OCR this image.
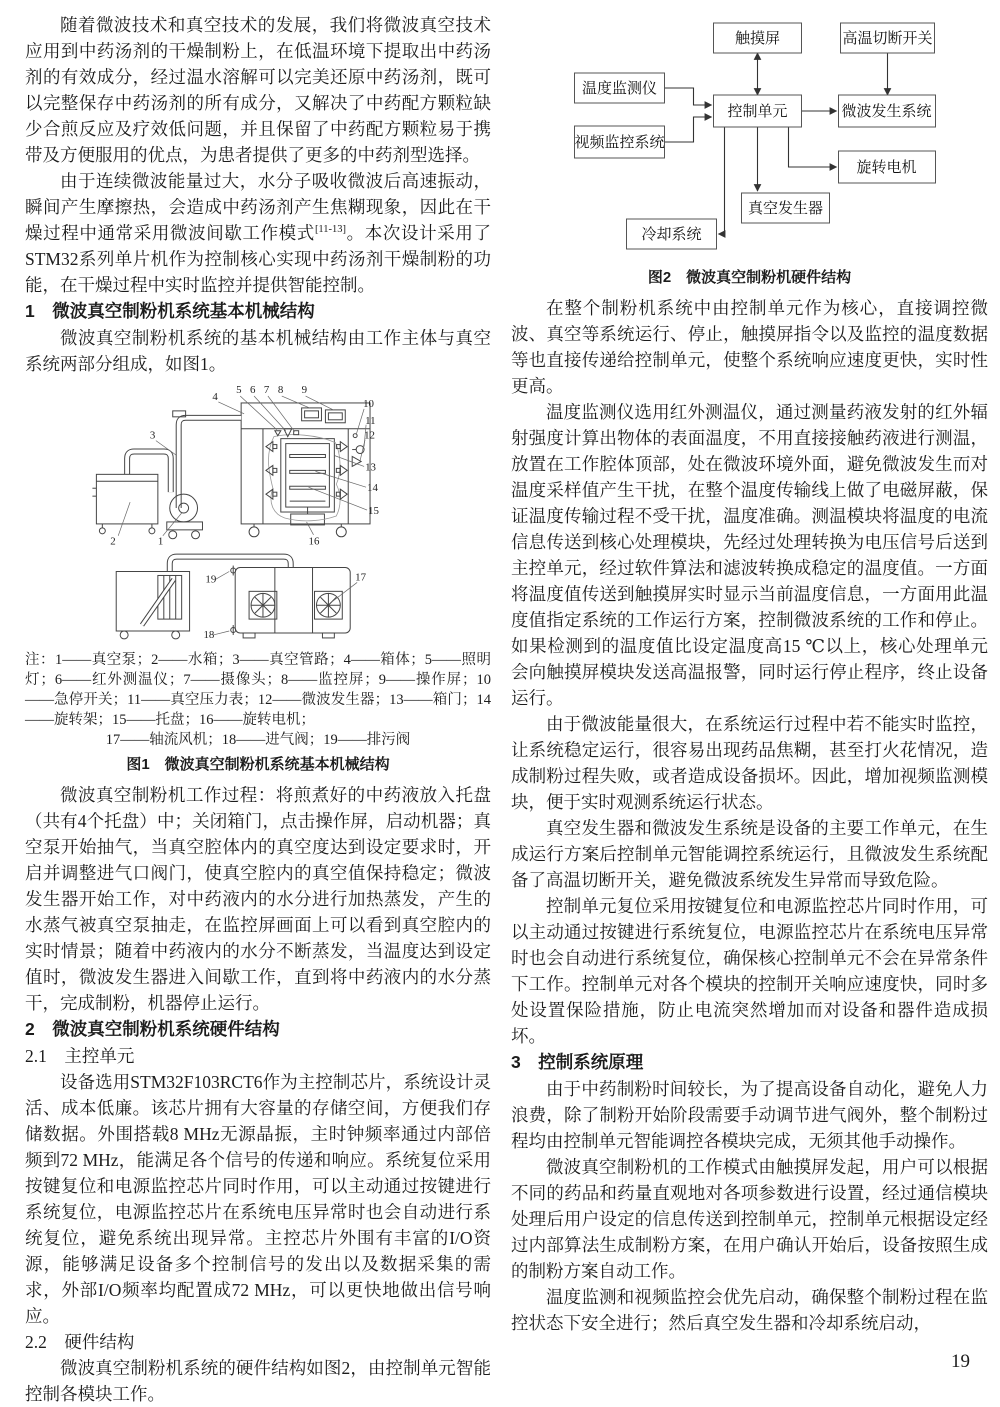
随着微波技术和真空技术的发展，我们将微波真空技术应用到中药汤剂的干燥制粉上，在低温环境下提取出中药汤剂的有效成分，经过温水溶解可以完美还原中药汤剂，既可以完整保存中药汤剂的所有成分，又解决了中药配方颗粒缺少合煎反应及疗效低问题，并且保留了中药配方颗粒易于携带及方便服用的优点，为患者提供了更多的中药剂型选择。

由于连续微波能量过大，水分子吸收微波后高速振动，瞬间产生摩擦热，会造成中药汤剂产生焦糊现象，因此在干燥过程中通常采用微波间歇工作模式[11-13]。本次设计采用了STM32系列单片机作为控制核心实现中药汤剂干燥制粉的功能，在干燥过程中实时监控并提供智能控制。

1　微波真空制粉机系统基本机械结构

微波真空制粉机系统的基本机械结构由工作主体与真空系统两部分组成，如图1。

1
2
3
4
5 6 7 8 9
10
11
12
13
14
15
16
17
18
19
注：1——真空泵；2——水箱；3——真空管路；4——箱体；5——照明灯；6——红外测温仪；7——摄像头；8——监控屏；9——操作屏；10——急停开关；11——真空压力表；12——微波发生器；13——箱门；14——旋转架；15——托盘；16——旋转电机；
17——轴流风机；18——进气阀；19——排污阀
图1　微波真空制粉机系统基本机械结构

微波真空制粉机工作过程：将煎煮好的中药液放入托盘（共有4个托盘）中；关闭箱门，点击操作屏，启动机器；真空泵开始抽气，当真空腔体内的真空度达到设定要求时，开启并调整进气口阀门，使真空腔内的真空值保持稳定；微波发生器开始工作，对中药液内的水分进行加热蒸发，产生的水蒸气被真空泵抽走，在监控屏画面上可以看到真空腔内的实时情景；随着中药液内的水分不断蒸发，当温度达到设定值时，微波发生器进入间歇工作，直到将中药液内的水分蒸干，完成制粉，机器停止运行。

2　微波真空制粉机系统硬件结构
2.1　主控单元

设备选用STM32F103RCT6作为主控制芯片，系统设计灵活、成本低廉。该芯片拥有大容量的存储空间，方便我们存储数据。外围搭载8 MHz无源晶振，主时钟频率通过内部倍频到72 MHz，能满足各个信号的传递和响应。系统复位采用按键复位和电源监控芯片同时作用，可以主动通过按键进行系统复位，电源监控芯片在系统电压异常时也会自动进行系统复位，避免系统出现异常。主控芯片外围有丰富的I/O资源，能够满足设备多个控制信号的发出以及数据采集的需求，外部I/O频率均配置成72 MHz，可以更快地做出信号响应。

2.2　硬件结构

微波真空制粉机系统的硬件结构如图2，由控制单元智能控制各模块工作。

触摸屏	高温切断开关
温度监测仪
视频监控系统
控制单元	微波发生系统
旋转电机
真空发生器
冷却系统
图2　微波真空制粉机硬件结构

在整个制粉机系统中由控制单元作为核心，直接调控微波、真空等系统运行、停止，触摸屏指令以及监控的温度数据等也直接传递给控制单元，使整个系统响应速度更快，实时性更高。

温度监测仪选用红外测温仪，通过测量药液发射的红外辐射强度计算出物体的表面温度，不用直接接触药液进行测温，放置在工作腔体顶部，处在微波环境外面，避免微波发生而对温度采样值产生干扰，在整个温度传输线上做了电磁屏蔽，保证温度传输过程不受干扰，温度准确。测温模块将温度的电流信息传送到核心处理模块，先经过处理转换为电压信号后送到主控单元，经过软件算法和滤波转换成稳定的温度值。一方面将温度值传送到触摸屏实时显示当前温度信息，一方面用此温度值指定系统的工作运行方案，控制微波系统的工作和停止。如果检测到的温度值比设定温度高15 ℃以上，核心处理单元会向触摸屏模块发送高温报警，同时运行停止程序，终止设备运行。

由于微波能量很大，在系统运行过程中若不能实时监控，让系统稳定运行，很容易出现药品焦糊，甚至打火花情况，造成制粉过程失败，或者造成设备损坏。因此，增加视频监测模块，便于实时观测系统运行状态。

真空发生器和微波发生系统是设备的主要工作单元，在生成运行方案后控制单元智能调控系统运行，且微波发生系统配备了高温切断开关，避免微波系统发生异常而导致危险。

控制单元复位采用按键复位和电源监控芯片同时作用，可以主动通过按键进行系统复位，电源监控芯片在系统电压异常时也会自动进行系统复位，确保核心控制单元不会在异常条件下工作。控制单元对各个模块的控制开关响应速度快，同时多处设置保险措施，防止电流突然增加而对设备和器件造成损坏。

3　控制系统原理

由于中药制粉时间较长，为了提高设备自动化，避免人力浪费，除了制粉开始阶段需要手动调节进气阀外，整个制粉过程均由控制单元智能调控各模块完成，无须其他手动操作。

微波真空制粉机的工作模式由触摸屏发起，用户可以根据不同的药品和药量直观地对各项参数进行设置，经过通信模块处理后用户设定的信息传送到控制单元，控制单元根据设定经过内部算法生成制粉方案，在用户确认开始后，设备按照生成的制粉方案自动工作。

温度监测和视频监控会优先启动，确保整个制粉过程在监控状态下安全进行；然后真空发生器和冷却系统启动，

19
